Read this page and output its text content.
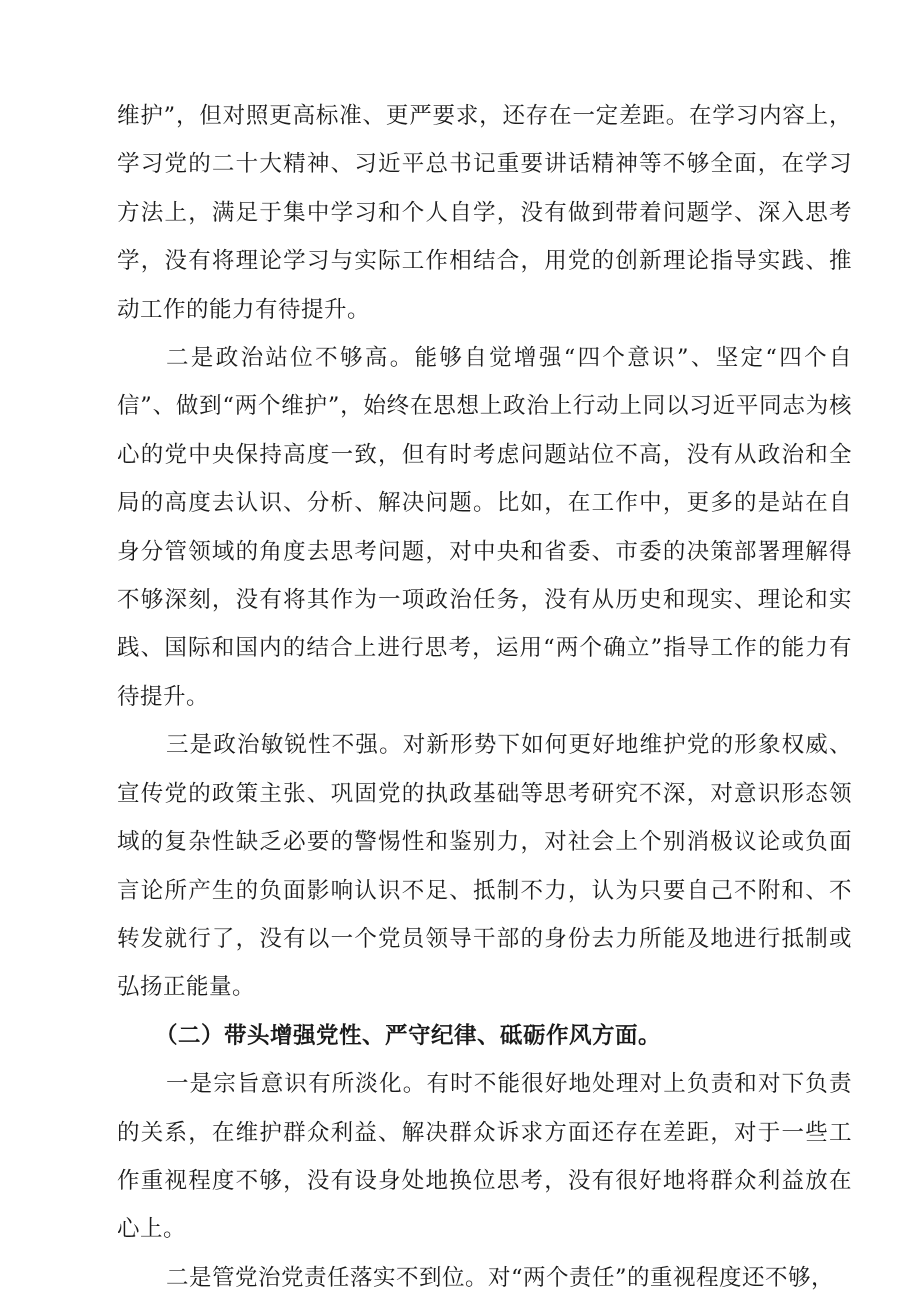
维护”，但对照更高标准、更严要求，还存在一定差距。在学习内容上，学习党的二十大精神、习近平总书记重要讲话精神等不够全面，在学习方法上，满足于集中学习和个人自学，没有做到带着问题学、深入思考学，没有将理论学习与实际工作相结合，用党的创新理论指导实践、推动工作的能力有待提升。

二是政治站位不够高。能够自觉增强“四个意识”、坚定“四个自信”、做到“两个维护”，始终在思想上政治上行动上同以习近平同志为核心的党中央保持高度一致，但有时考虑问题站位不高，没有从政治和全局的高度去认识、分析、解决问题。比如，在工作中，更多的是站在自身分管领域的角度去思考问题，对中央和省委、市委的决策部署理解得不够深刻，没有将其作为一项政治任务，没有从历史和现实、理论和实践、国际和国内的结合上进行思考，运用“两个确立”指导工作的能力有待提升。

三是政治敏锐性不强。对新形势下如何更好地维护党的形象权威、宣传党的政策主张、巩固党的执政基础等思考研究不深，对意识形态领域的复杂性缺乏必要的警惕性和鉴别力，对社会上个别消极议论或负面言论所产生的负面影响认识不足、抵制不力，认为只要自己不附和、不转发就行了，没有以一个党员领导干部的身份去力所能及地进行抵制或弘扬正能量。

（二）带头增强党性、严守纪律、砥砺作风方面。

一是宗旨意识有所淡化。有时不能很好地处理对上负责和对下负责的关系，在维护群众利益、解决群众诉求方面还存在差距，对于一些工作重视程度不够，没有设身处地换位思考，没有很好地将群众利益放在心上。

二是管党治党责任落实不到位。对“两个责任”的重视程度还不够，
